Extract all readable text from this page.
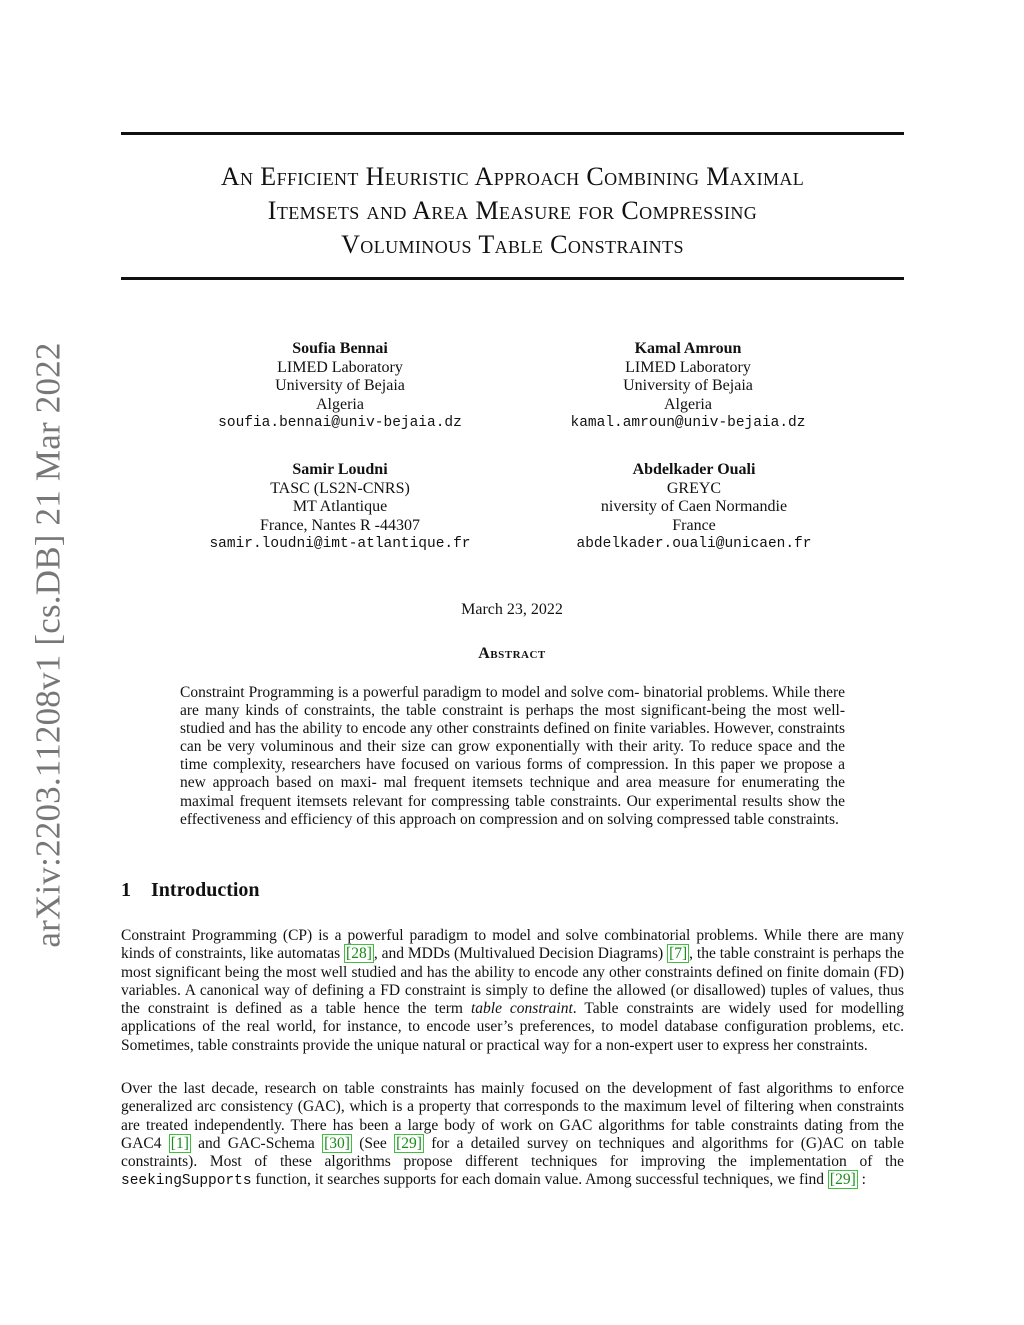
arXiv:2203.11208v1 [cs.DB] 21 Mar 2022
An Efficient Heuristic Approach Combining Maximal
Itemsets and Area Measure for Compressing
Voluminous Table Constraints
Soufia Bennai
LIMED Laboratory
University of Bejaia
Algeria
soufia.bennai@univ-bejaia.dz
Kamal Amroun
LIMED Laboratory
University of Bejaia
Algeria
kamal.amroun@univ-bejaia.dz
Samir Loudni
TASC (LS2N-CNRS)
MT Atlantique
France, Nantes R -44307
samir.loudni@imt-atlantique.fr
Abdelkader Ouali
GREYC
niversity of Caen Normandie
France
abdelkader.ouali@unicaen.fr
March 23, 2022
Abstract

Constraint Programming is a powerful paradigm to model and solve com- binatorial problems. While there are many kinds of constraints, the table constraint is perhaps the most significant-being the most well- studied and has the ability to encode any other constraints defined on finite variables. However, constraints can be very voluminous and their size can grow exponentially with their arity. To reduce space and the time complexity, researchers have focused on various forms of compression. In this paper we propose a new approach based on maxi- mal frequent itemsets technique and area measure for enumerating the maximal frequent itemsets relevant for compressing table constraints. Our experimental results show the effectiveness and efficiency of this approach on compression and on solving compressed table constraints.

1 Introduction

Constraint Programming (CP) is a powerful paradigm to model and solve combinatorial problems. While there are many kinds of constraints, like automatas [28] , and MDDs (Multivalued Decision Diagrams) [7] , the table constraint is perhaps the most significant being the most well studied and has the ability to encode any other constraints defined on finite domain (FD) variables. A canonical way of defining a FD constraint is simply to define the allowed (or disallowed) tuples of values, thus the constraint is defined as a table hence the term table constraint. Table constraints are widely used for modelling applications of the real world, for instance, to encode user’s preferences, to model database configuration problems, etc. Sometimes, table constraints provide the unique natural or practical way for a non-expert user to express her constraints.

Over the last decade, research on table constraints has mainly focused on the development of fast algorithms to enforce generalized arc consistency (GAC), which is a property that corresponds to the maximum level of filtering when constraints are treated independently. There has been a large body of work on GAC algorithms for table constraints dating from the GAC4 [1] and GAC-Schema [30] (See [29] for a detailed survey on techniques and algorithms for (G)AC on table constraints). Most of these algorithms propose different techniques for improving the implementation of the seekingSupports function, it searches supports for each domain value. Among successful techniques, we find [29] :
